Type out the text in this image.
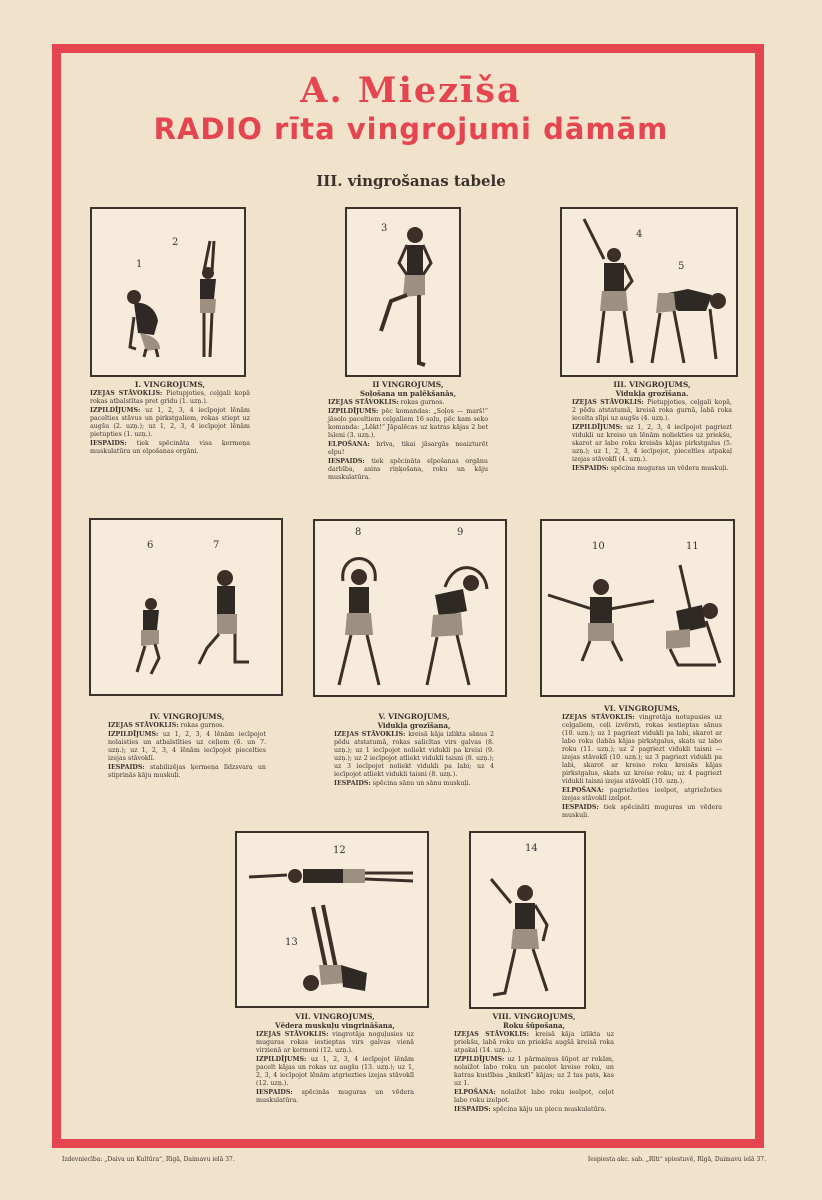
A. Miezīša
RADIO rīta vingrojumi dāmām
III. vingrošanas tabele
1
2
3
4
5
6	7
8	9
10	11
12
13
14
I. VINGROJUMS,

IZEJAS STĀVOKLIS: Pietupjoties, ceļgali kopā rokas atbalstītas pret grīdu (1. uzņ.).

IZPILDĪJUMS: uz 1, 2, 3, 4 iecīpojot lēnām pacelties stāvus un pirkstgaliem, rokas stiept uz augšu (2. uzņ.); uz 1, 2, 3, 4 iecīpojot lēnām pietupties (1. uzņ.).

IESPAIDS: tiek spēcināta visa ķermeņa muskulatūra un elpošanas orgāni.

II VINGROJUMS,
Soļošana un palēkšanās,

IZEJAS STĀVOKLIS: rokas gurnos.

IZPILDĪJUMS: pēc komandas: „Soļos — marš!“ jāsoļo paceltiem ceļgaliem 16 soļu, pēc kam seko komanda: „Lēkt!“ Jāpalēcas uz katras kājas 2 bet īsleni (3. uzņ.).

ELPOŠANA: brīva, tikai jāsargās neaizturēt elpu!

IESPAIDS: tiek spēcināta elpošanas orgānu darbība, asins riņķošana, roku un kāju muskulatūra.

III. VINGROJUMS,
Vidukļa grozīšana.

IZEJAS STĀVOKLIS: Pietupjoties, ceļgali kopā, 2 pēdu atstatumā, kreisā roka gurnā, labā roka iecelta slīpi uz augšu (4. uzņ.).

IZPILDĪJUMS: uz 1, 2, 3, 4 iecīpojot pagriezt vidukli uz kreiso un lēnām noliekties uz priekšu, skarot ar labo roku kreisās kājas pirkstgalus (5. uzņ.); uz 1, 2, 3, 4 iecīpojot, piecelties atpakaļ izejas stāvoklī (4. uzņ.).

IESPAIDS: spēcina muguras un vēdera muskuļi.

IV. VINGROJUMS,

IZEJAS STĀVOKLIS: rokas gurnos.

IZPILDĪJUMS: uz 1, 2, 3, 4 lēnām iecīpojot nolaisties un atbalstīties uz ceļiem (6. un 7. uzņ.); uz 1, 2, 3, 4 lēnām iecīpojot piecelties izejas stāvoklī.

IESPAIDS: stabilizējas ķermeņa līdzsvara un stiprinās kāju muskuļi.

V. VINGROJUMS,
Vidukļa grozīšana,

IZEJAS STĀVOKLIS: kreisā kāja izlikta sānus 2 pēdu atstatumā, rokas salicītas virs galvas (8. uzņ.); uz 1 iecīpojot noliekt vidukli pa kreisi (9. uzņ.); uz 2 iecīpojot atliekt vidukli taisni (8. uzņ.); uz 3 iecīpojot noliekt vidukli pa labi; uz 4 iecīpojot atliekt vidukli taisni (8. uzņ.).

IESPAIDS: spēcina sānu un sānu muskuļi.

VI. VINGROJUMS,

IZEJAS STĀVOKLIS: vingrotāja notupusies uz ceļgaliem, ceļi izvērsti, rokas iestieptas sānus (10. uzņ.); uz 1 pagriezt vidukli pa labi, skarot ar labo roku (labās kājas pirkstgalus, skats uz labo roku (11. uzņ.); uz 2 pagriezt vidukli taisni — izejas stāvoklī (10. uzņ.); uz 3 pagriezt vidukli pa labi, skarot ar kreiso roku kreisās kājas pirkstgalus, skats uz kreiso roku; uz 4 pagriezt vidukli taisni izejas stāvoklī (10. uzņ.).

ELPOŠANA: pagriežoties ieelpot, atgriežoties izejas stāvoklī izelpot.

IESPAIDS: tiek spēcināti muguras un vēdera muskuļi.

VII. VINGROJUMS,
Vēdera muskuļu vingrināšana,

IZEJAS STĀVOKLIS: vingrotāja noguļusies uz muguras rokas iestieptas virs galvas vienā virzienā ar ķermeni (12. uzņ.).

IZPILDĪJUMS: uz 1, 2, 3, 4 iecīpojot lēnām pacelt kājas un rokas uz augšu (13. uzņ.); uz 1, 2, 3, 4 iecīpojot lēnām atgriezties izejas stāvoklī (12. uzņ.).

IESPAIDS: spēcinās muguras un vēdera muskulatūra.

VIII. VINGROJUMS,
Roku šūpošana,

IZEJAS STĀVOKLIS: kreisā kāja izlikta uz priekšu, labā roku un priekšu augšā kreisā roka atpakaļ (14. uzņ.).

IZPILDĪJUMS: uz 1 pārmaiņus šūpot ar rokām, nolaižot labo roku un pacelot kreiso roku, un katras kustības „knikstī“ kājas; uz 2 tas pats, kas uz 1.

ELPOŠANA: nolaižot labo roku ieelpot, ceļot labo roku izelpot.

IESPAIDS: spēcina kāju un plecu muskulatūra.

Izdevniecība: „Daiva un Kultūra“, Rīgā, Daimavu ielā 37.	Iespiesta akc. sab. „Rīti“ spiestuvē, Rīgā, Daimavu ielā 37.
